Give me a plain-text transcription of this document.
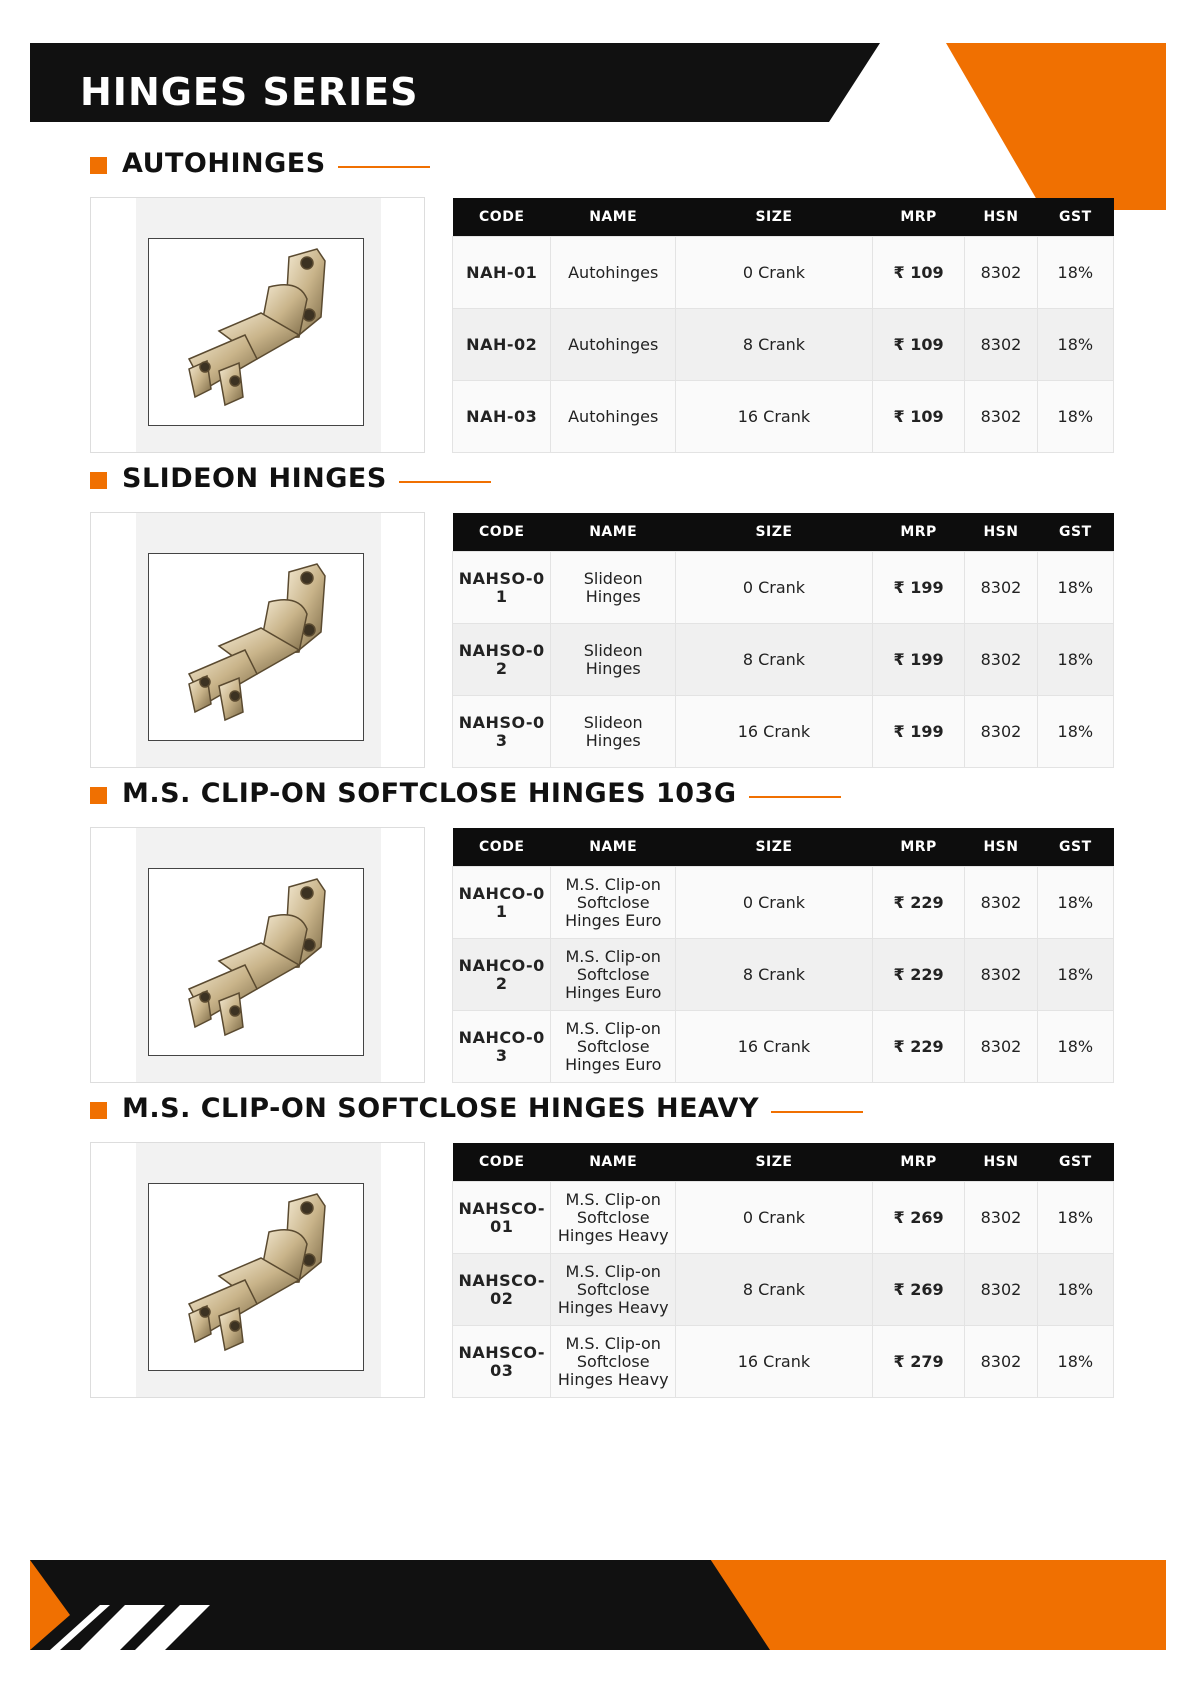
HINGES SERIES
AUTOHINGES
CODE	NAME	SIZE	MRP	HSN	GST
NAH-01	Autohinges	0 Crank	₹ 109	8302	18%
NAH-02	Autohinges	8 Crank	₹ 109	8302	18%
NAH-03	Autohinges	16 Crank	₹ 109	8302	18%
SLIDEON HINGES
CODE	NAME	SIZE	MRP	HSN	GST
NAHSO-01	Slideon Hinges	0 Crank	₹ 199	8302	18%
NAHSO-02	Slideon Hinges	8 Crank	₹ 199	8302	18%
NAHSO-03	Slideon Hinges	16 Crank	₹ 199	8302	18%
M.S. CLIP-ON SOFTCLOSE HINGES 103G
CODE	NAME	SIZE	MRP	HSN	GST
NAHCO-01	M.S. Clip-on Softclose Hinges Euro	0 Crank	₹ 229	8302	18%
NAHCO-02	M.S. Clip-on Softclose Hinges Euro	8 Crank	₹ 229	8302	18%
NAHCO-03	M.S. Clip-on Softclose Hinges Euro	16 Crank	₹ 229	8302	18%
M.S. CLIP-ON SOFTCLOSE HINGES HEAVY
CODE	NAME	SIZE	MRP	HSN	GST
NAHSCO-01	M.S. Clip-on Softclose Hinges Heavy	0 Crank	₹ 269	8302	18%
NAHSCO-02	M.S. Clip-on Softclose Hinges Heavy	8 Crank	₹ 269	8302	18%
NAHSCO-03	M.S. Clip-on Softclose Hinges Heavy	16 Crank	₹ 279	8302	18%
